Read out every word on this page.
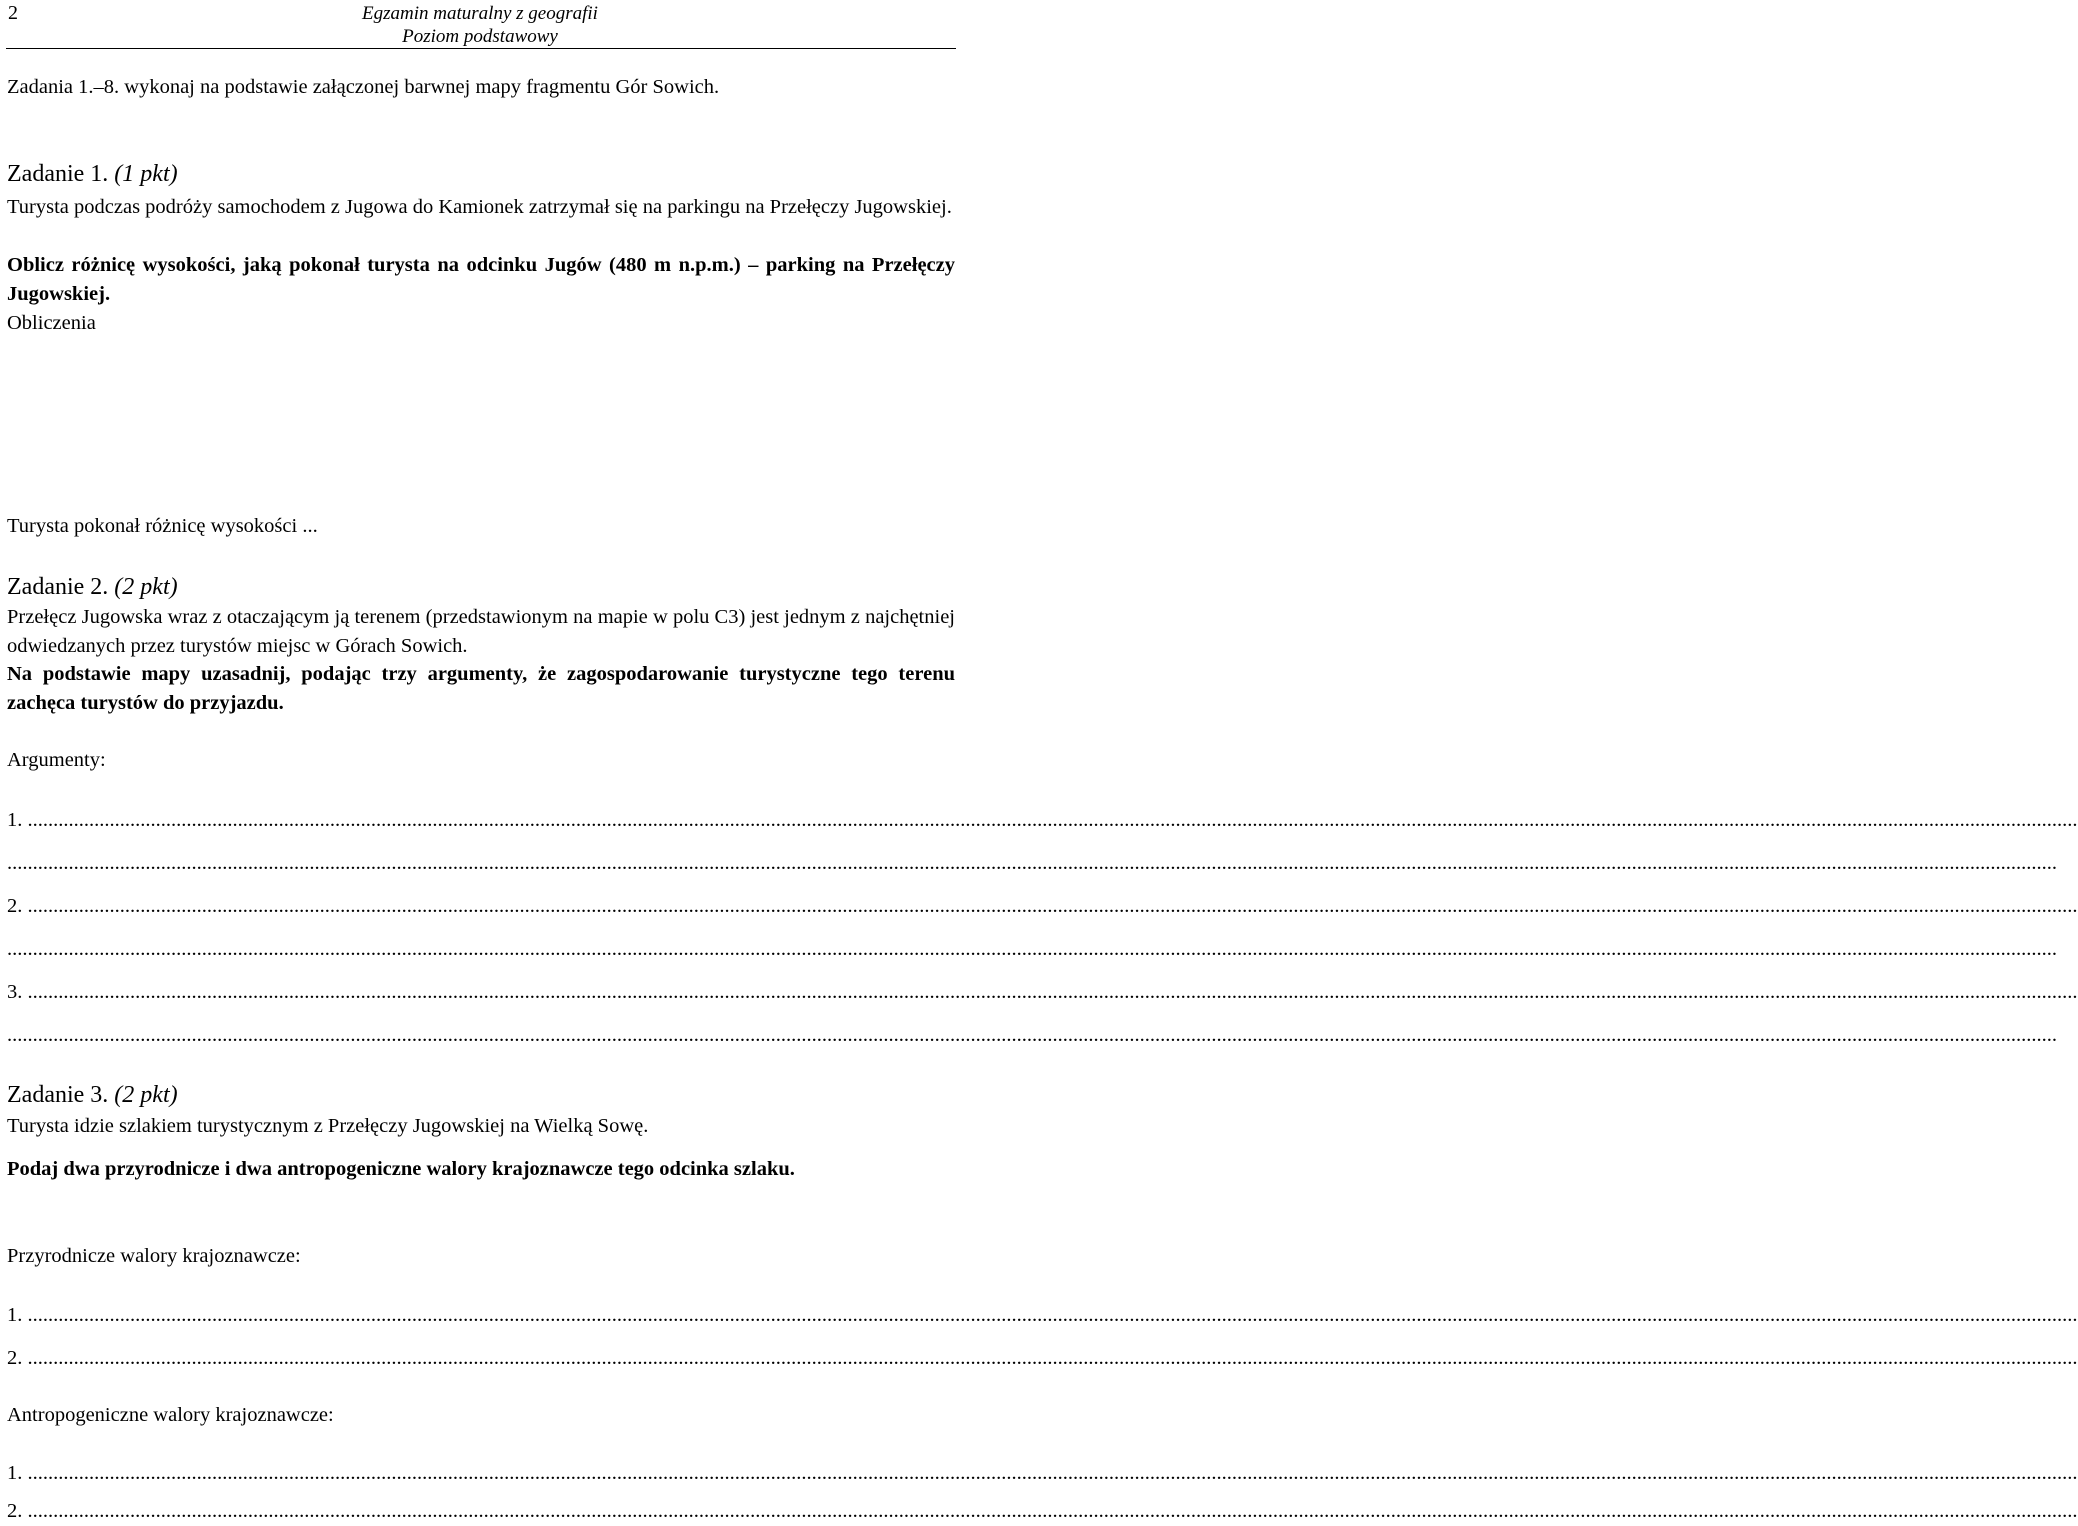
2	Egzamin maturalny z geografii
Poziom podstawowy
Zadania 1.–8. wykonaj na podstawie załączonej barwnej mapy fragmentu Gór Sowich.
Zadanie 1. (1 pkt)
Turysta podczas podróży samochodem z Jugowa do Kamionek zatrzymał się na parkingu na Przełęczy Jugowskiej.
Oblicz różnicę wysokości, jaką pokonał turysta na odcinku Jugów (480 m n.p.m.) – parking na Przełęczy Jugowskiej.
Obliczenia
Turysta pokonał różnicę wysokości ...
Zadanie 2. (2 pkt)
Przełęcz Jugowska wraz z otaczającym ją terenem (przedstawionym na mapie w polu C3) jest jednym z najchętniej odwiedzanych przez turystów miejsc w Górach Sowich.
Na podstawie mapy uzasadnij, podając trzy argumenty, że zagospodarowanie turystyczne tego terenu zachęca turystów do przyjazdu.
Argumenty:
1. ................................................................................................................................................................................................................................................................................................................................................................................................................
................................................................................................................................................................................................................................................................................................................................................................................................................
2. ................................................................................................................................................................................................................................................................................................................................................................................................................
................................................................................................................................................................................................................................................................................................................................................................................................................
3. ................................................................................................................................................................................................................................................................................................................................................................................................................
................................................................................................................................................................................................................................................................................................................................................................................................................
Zadanie 3. (2 pkt)
Turysta idzie szlakiem turystycznym z Przełęczy Jugowskiej na Wielką Sowę.
Podaj dwa przyrodnicze i dwa antropogeniczne walory krajoznawcze tego odcinka szlaku.
Przyrodnicze walory krajoznawcze:
1. ................................................................................................................................................................................................................................................................................................................................................................................................................
2. ................................................................................................................................................................................................................................................................................................................................................................................................................
Antropogeniczne walory krajoznawcze:
1. ................................................................................................................................................................................................................................................................................................................................................................................................................
2. ................................................................................................................................................................................................................................................................................................................................................................................................................
